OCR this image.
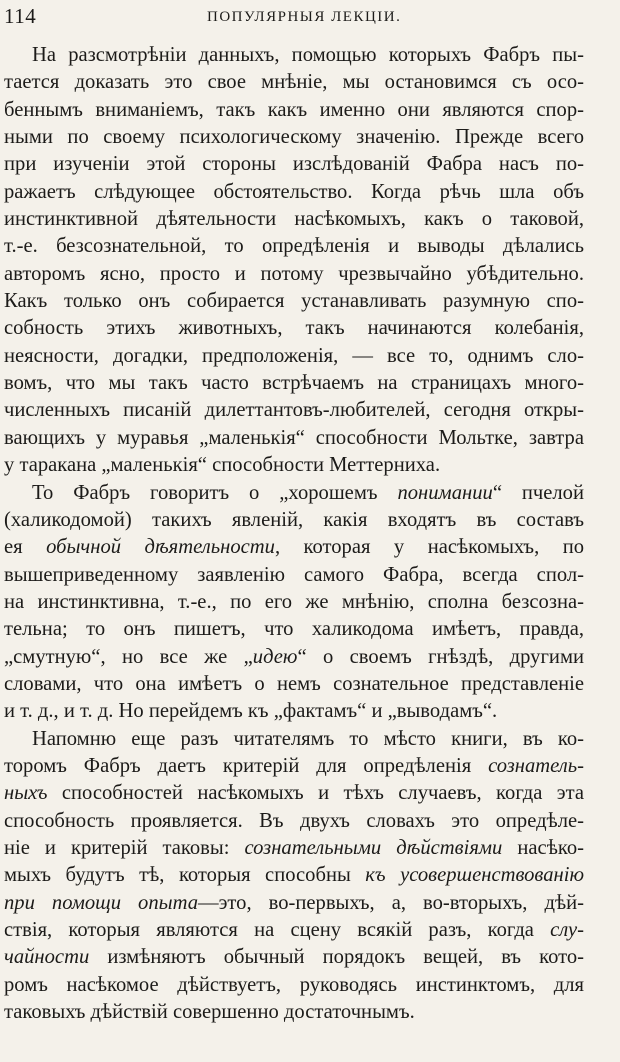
114	ПОПУЛЯРНЫЯ ЛЕКЦІИ.
На разсмотрѣніи данныхъ, помощью которыхъ Фабръ пы-
тается доказать это свое мнѣніе, мы остановимся съ осо-
беннымъ вниманіемъ, такъ какъ именно они являются спор-
ными по своему психологическому значенію. Прежде всего
при изученіи этой стороны изслѣдованій Фабра насъ по-
ражаетъ слѣдующее обстоятельство. Когда рѣчь шла объ
инстинктивной дѣятельности насѣкомыхъ, какъ о таковой,
т.-е. безсознательной, то опредѣленія и выводы дѣлались
авторомъ ясно, просто и потому чрезвычайно убѣдительно.
Какъ только онъ собирается устанавливать разумную спо-
собность этихъ животныхъ, такъ начинаются колебанія,
неясности, догадки, предположенія, — все то, однимъ сло-
вомъ, что мы такъ часто встрѣчаемъ на страницахъ много-
численныхъ писаній дилеттантовъ-любителей, сегодня откры-
вающихъ у муравья „маленькія“ способности Мольтке, завтра
у таракана „маленькія“ способности Меттерниха.
То Фабръ говоритъ о „хорошемъ понимании“ пчелой
(халикодомой) такихъ явленій, какія входятъ въ составъ
ея обычной дѣятельности, которая у насѣкомыхъ, по
вышеприведенному заявленію самого Фабра, всегда спол-
на инстинктивна, т.-е., по его же мнѣнію, сполна безсозна-
тельна; то онъ пишетъ, что халикодома имѣетъ, правда,
„смутную“, но все же „идею“ о своемъ гнѣздѣ, другими
словами, что она имѣетъ о немъ сознательное представленіе
и т. д., и т. д. Но перейдемъ къ „фактамъ“ и „выводамъ“.
Напомню еще разъ читателямъ то мѣсто книги, въ ко-
торомъ Фабръ даетъ критерій для опредѣленія сознатель-
ныхъ способностей насѣкомыхъ и тѣхъ случаевъ, когда эта
способность проявляется. Въ двухъ словахъ это опредѣле-
ніе и критерій таковы: сознательными дѣйствіями насѣко-
мыхъ будутъ тѣ, которыя способны къ усовершенствованію
при помощи опыта—это, во-первыхъ, а, во-вторыхъ, дѣй-
ствія, которыя являются на сцену всякій разъ, когда слу-
чайности измѣняютъ обычный порядокъ вещей, въ кото-
ромъ насѣкомое дѣйствуетъ, руководясь инстинктомъ, для
таковыхъ дѣйствій совершенно достаточнымъ.
